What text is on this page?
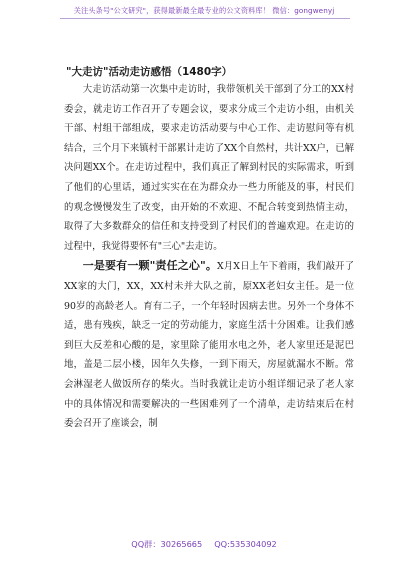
关注头条号"公文研究"，获得最新最全最专业的公文资料库！ 微信：gongwenyj
"大走访"活动走访感悟（1480字）

大走访活动第一次集中走访时，我带领机关干部到了分工的XX村委会，就走访工作召开了专题会议，要求分成三个走访小组，由机关干部、村组干部组成，要求走访活动要与中心工作、走访慰问等有机结合，三个月下来镇村干部累计走访了XX个自然村，共计XX户，已解决问题XX个。在走访过程中，我们真正了解到村民的实际需求，听到了他们的心里话，通过实实在在为群众办一些力所能及的事，村民们的观念慢慢发生了改变，由开始的不欢迎、不配合转变到热情主动，取得了大多数群众的信任和支持受到了村民们的普遍欢迎。在走访的过程中，我觉得要怀有"三心"去走访。

一是要有一颗"责任之心"。X月X日上午下着雨，我们敲开了XX家的大门，XX，XX村未并大队之前，原XX老妇女主任。是一位90岁的高龄老人。育有二子，一个年轻时因病去世。另外一个身体不适，患有残疾，缺乏一定的劳动能力，家庭生活十分困难。让我们感到巨大反差和心酸的是，家里除了能用水电之外，老人家里还是泥巴地，盖是二层小楼，因年久失修，一到下雨天，房屋就漏水不断。常会淋湿老人做饭所存的柴火。当时我就让走访小组详细记录了老人家中的具体情况和需要解决的一些困难列了一个清单，走访结束后在村委会召开了座谈会，制

QQ群：30265665 QQ:535304092
